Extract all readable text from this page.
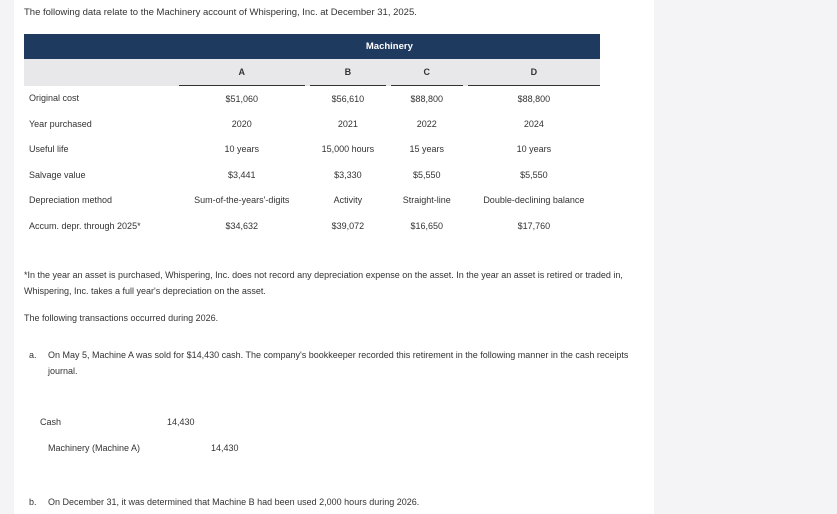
The following data relate to the Machinery account of Whispering, Inc. at December 31, 2025.
	Machinery						
	A		B		C		D
Original cost	$51,060		$56,610		$88,800		$88,800
Year purchased	2020		2021		2022		2024
Useful life	10 years		15,000 hours		15 years		10 years
Salvage value	$3,441		$3,330		$5,550		$5,550
Depreciation method	Sum-of-the-years'-digits		Activity		Straight-line		Double-declining balance
Accum. depr. through 2025*	$34,632		$39,072		$16,650		$17,760
*In the year an asset is purchased, Whispering, Inc. does not record any depreciation expense on the asset. In the year an asset is retired or traded in, Whispering, Inc. takes a full year's depreciation on the asset.
The following transactions occurred during 2026.
a. On May 5, Machine A was sold for $14,430 cash. The company's bookkeeper recorded this retirement in the following manner in the cash receipts journal.
Cash	14,430
Machinery (Machine A)	14,430
b. On December 31, it was determined that Machine B had been used 2,000 hours during 2026.
